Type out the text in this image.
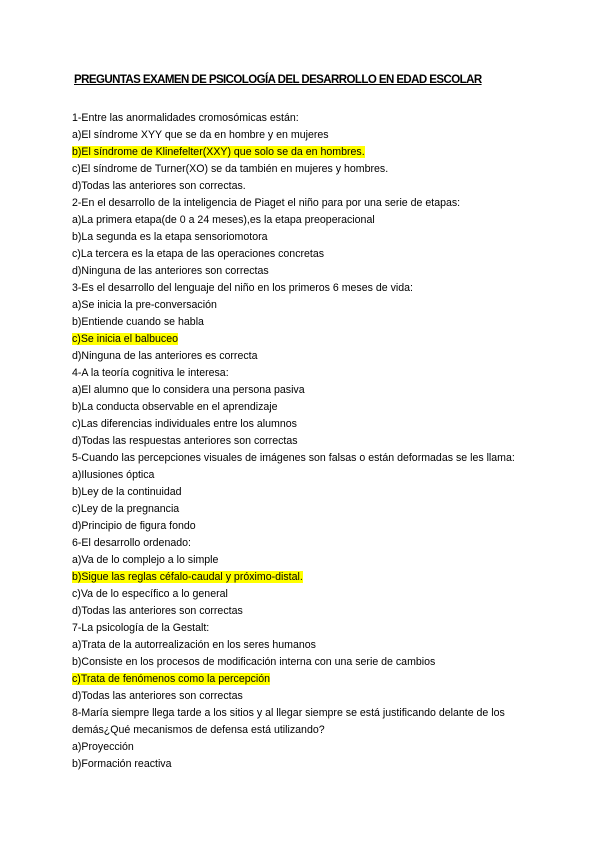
PREGUNTAS EXAMEN DE PSICOLOGÍA DEL DESARROLLO EN EDAD ESCOLAR
1-Entre las anormalidades cromosómicas están:
a)El síndrome XYY que se da en hombre y en mujeres
b)El síndrome de Klinefelter(XXY) que solo se da en hombres.
c)El síndrome de Turner(XO) se da también en mujeres y hombres.
d)Todas las anteriores son correctas.
2-En el desarrollo de la inteligencia de Piaget el niño para por una serie de etapas:
a)La primera etapa(de 0 a 24 meses),es la etapa preoperacional
b)La segunda es la etapa sensoriomotora
c)La tercera es la etapa de las operaciones concretas
d)Ninguna de las anteriores son correctas
3-Es el desarrollo del lenguaje del niño en los primeros 6 meses de vida:
a)Se inicia la pre-conversación
b)Entiende cuando se habla
c)Se inicia el balbuceo
d)Ninguna de las anteriores es correcta
4-A la teoría cognitiva le interesa:
a)El alumno que lo considera una persona pasiva
b)La conducta observable en el aprendizaje
c)Las diferencias individuales entre los alumnos
d)Todas las respuestas anteriores son correctas
5-Cuando las percepciones visuales de imágenes son falsas o están deformadas se les llama:
a)Ilusiones óptica
b)Ley de la continuidad
c)Ley de la pregnancia
d)Principio de figura fondo
6-El desarrollo ordenado:
a)Va de lo complejo a lo simple
b)Sigue las reglas céfalo-caudal y próximo-distal.
c)Va de lo específico a lo general
d)Todas las anteriores son correctas
7-La psicología de la Gestalt:
a)Trata de la autorrealización en los seres humanos
b)Consiste en los procesos de modificación interna con una serie de cambios
c)Trata de fenómenos como la percepción
d)Todas las anteriores son correctas
8-María siempre llega tarde a los sitios y al llegar siempre se está justificando delante de los demás¿Qué mecanismos de defensa está utilizando?
a)Proyección
b)Formación reactiva
